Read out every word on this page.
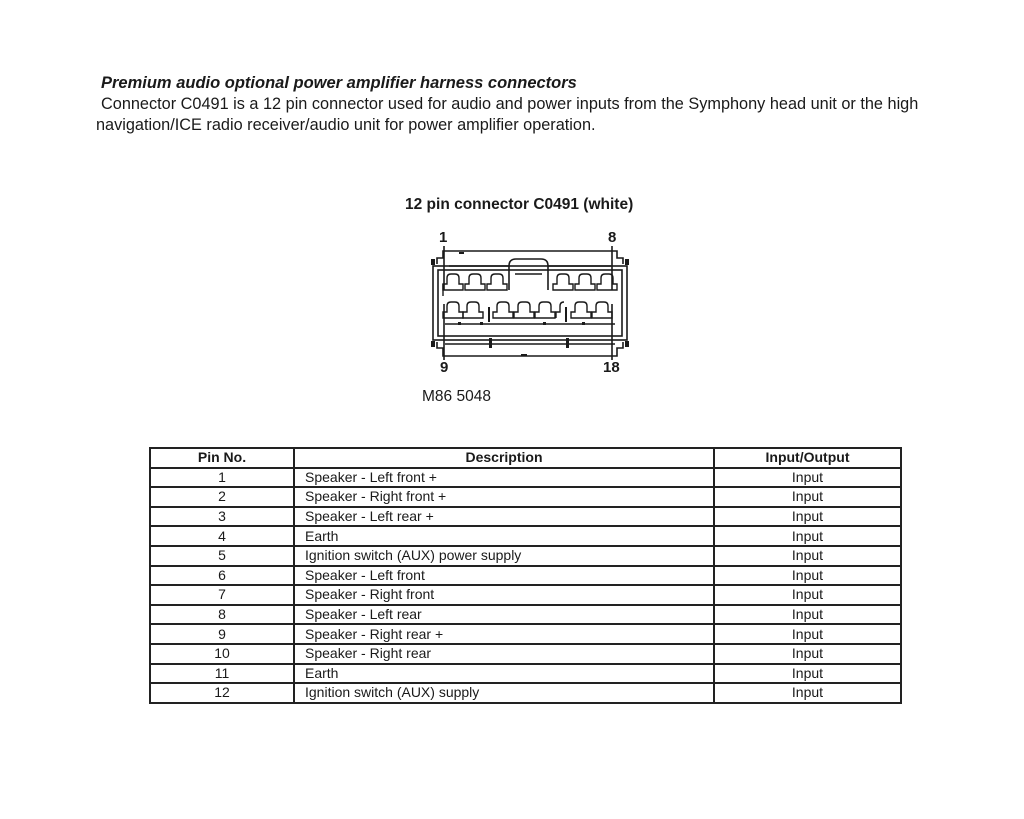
Premium audio optional power amplifier harness connectors

Connector C0491 is a 12 pin connector used for audio and power inputs from the Symphony head unit or the high
navigation/ICE radio receiver/audio unit for power amplifier operation.

12 pin connector C0491 (white)
1	8
9	18
M86 5048
Pin No.	Description	Input/Output
1	Speaker - Left front +	Input
2	Speaker - Right front +	Input
3	Speaker - Left rear +	Input
4	Earth	Input
5	Ignition switch (AUX) power supply	Input
6	Speaker - Left front	Input
7	Speaker - Right front	Input
8	Speaker - Left rear	Input
9	Speaker - Right rear +	Input
10	Speaker - Right rear	Input
11	Earth	Input
12	Ignition switch (AUX) supply	Input
